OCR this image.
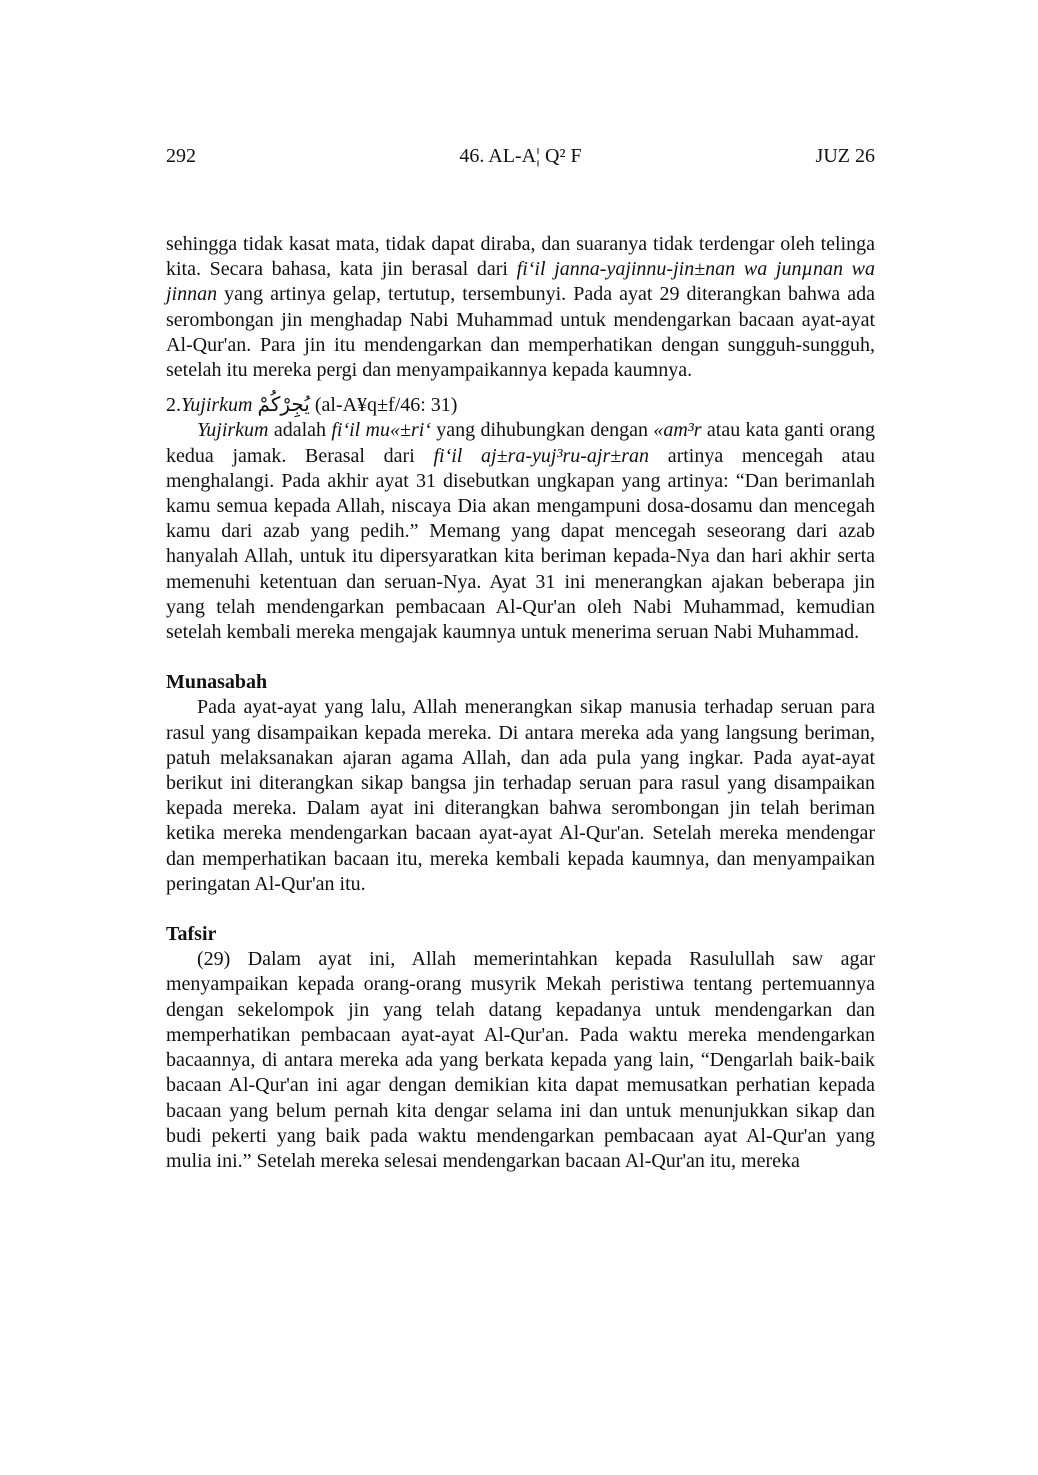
292	46. AL-A¦ Q² F	JUZ 26

sehingga tidak kasat mata, tidak dapat diraba, dan suaranya tidak terdengar oleh telinga kita. Secara bahasa, kata jin berasal dari fi‘il janna-yajinnu-jin±nan wa junµnan wa jinnan yang artinya gelap, tertutup, tersembunyi. Pada ayat 29 diterangkan bahwa ada serombongan jin menghadap Nabi Muhammad untuk mendengarkan bacaan ayat-ayat Al-Qur'an. Para jin itu mendengarkan dan memperhatikan dengan sungguh-sungguh, setelah itu mereka pergi dan menyampaikannya kepada kaumnya.

2.Yujirkum يُجِرْكُمْ (al-A¥q±f/46: 31)

Yujirkum adalah fi‘il mu«±ri‘ yang dihubungkan dengan «am³r atau kata ganti orang kedua jamak. Berasal dari fi‘il aj±ra-yuj³ru-ajr±ran artinya mencegah atau menghalangi. Pada akhir ayat 31 disebutkan ungkapan yang artinya: “Dan berimanlah kamu semua kepada Allah, niscaya Dia akan mengampuni dosa-dosamu dan mencegah kamu dari azab yang pedih.” Memang yang dapat mencegah seseorang dari azab hanyalah Allah, untuk itu dipersyaratkan kita beriman kepada-Nya dan hari akhir serta memenuhi ketentuan dan seruan-Nya. Ayat 31 ini menerangkan ajakan beberapa jin yang telah mendengarkan pembacaan Al-Qur'an oleh Nabi Muhammad, kemudian setelah kembali mereka mengajak kaumnya untuk menerima seruan Nabi Muhammad.

Munasabah

Pada ayat-ayat yang lalu, Allah menerangkan sikap manusia terhadap seruan para rasul yang disampaikan kepada mereka. Di antara mereka ada yang langsung beriman, patuh melaksanakan ajaran agama Allah, dan ada pula yang ingkar. Pada ayat-ayat berikut ini diterangkan sikap bangsa jin terhadap seruan para rasul yang disampaikan kepada mereka. Dalam ayat ini diterangkan bahwa serombongan jin telah beriman ketika mereka mendengarkan bacaan ayat-ayat Al-Qur'an. Setelah mereka mendengar dan memperhatikan bacaan itu, mereka kembali kepada kaumnya, dan menyampaikan peringatan Al-Qur'an itu.

Tafsir

(29) Dalam ayat ini, Allah memerintahkan kepada Rasulullah saw agar menyampaikan kepada orang-orang musyrik Mekah peristiwa tentang pertemuannya dengan sekelompok jin yang telah datang kepadanya untuk mendengarkan dan memperhatikan pembacaan ayat-ayat Al-Qur'an. Pada waktu mereka mendengarkan bacaannya, di antara mereka ada yang berkata kepada yang lain, “Dengarlah baik-baik bacaan Al-Qur'an ini agar dengan demikian kita dapat memusatkan perhatian kepada bacaan yang belum pernah kita dengar selama ini dan untuk menunjukkan sikap dan budi pekerti yang baik pada waktu mendengarkan pembacaan ayat Al-Qur'an yang mulia ini.” Setelah mereka selesai mendengarkan bacaan Al-Qur'an itu, mereka
